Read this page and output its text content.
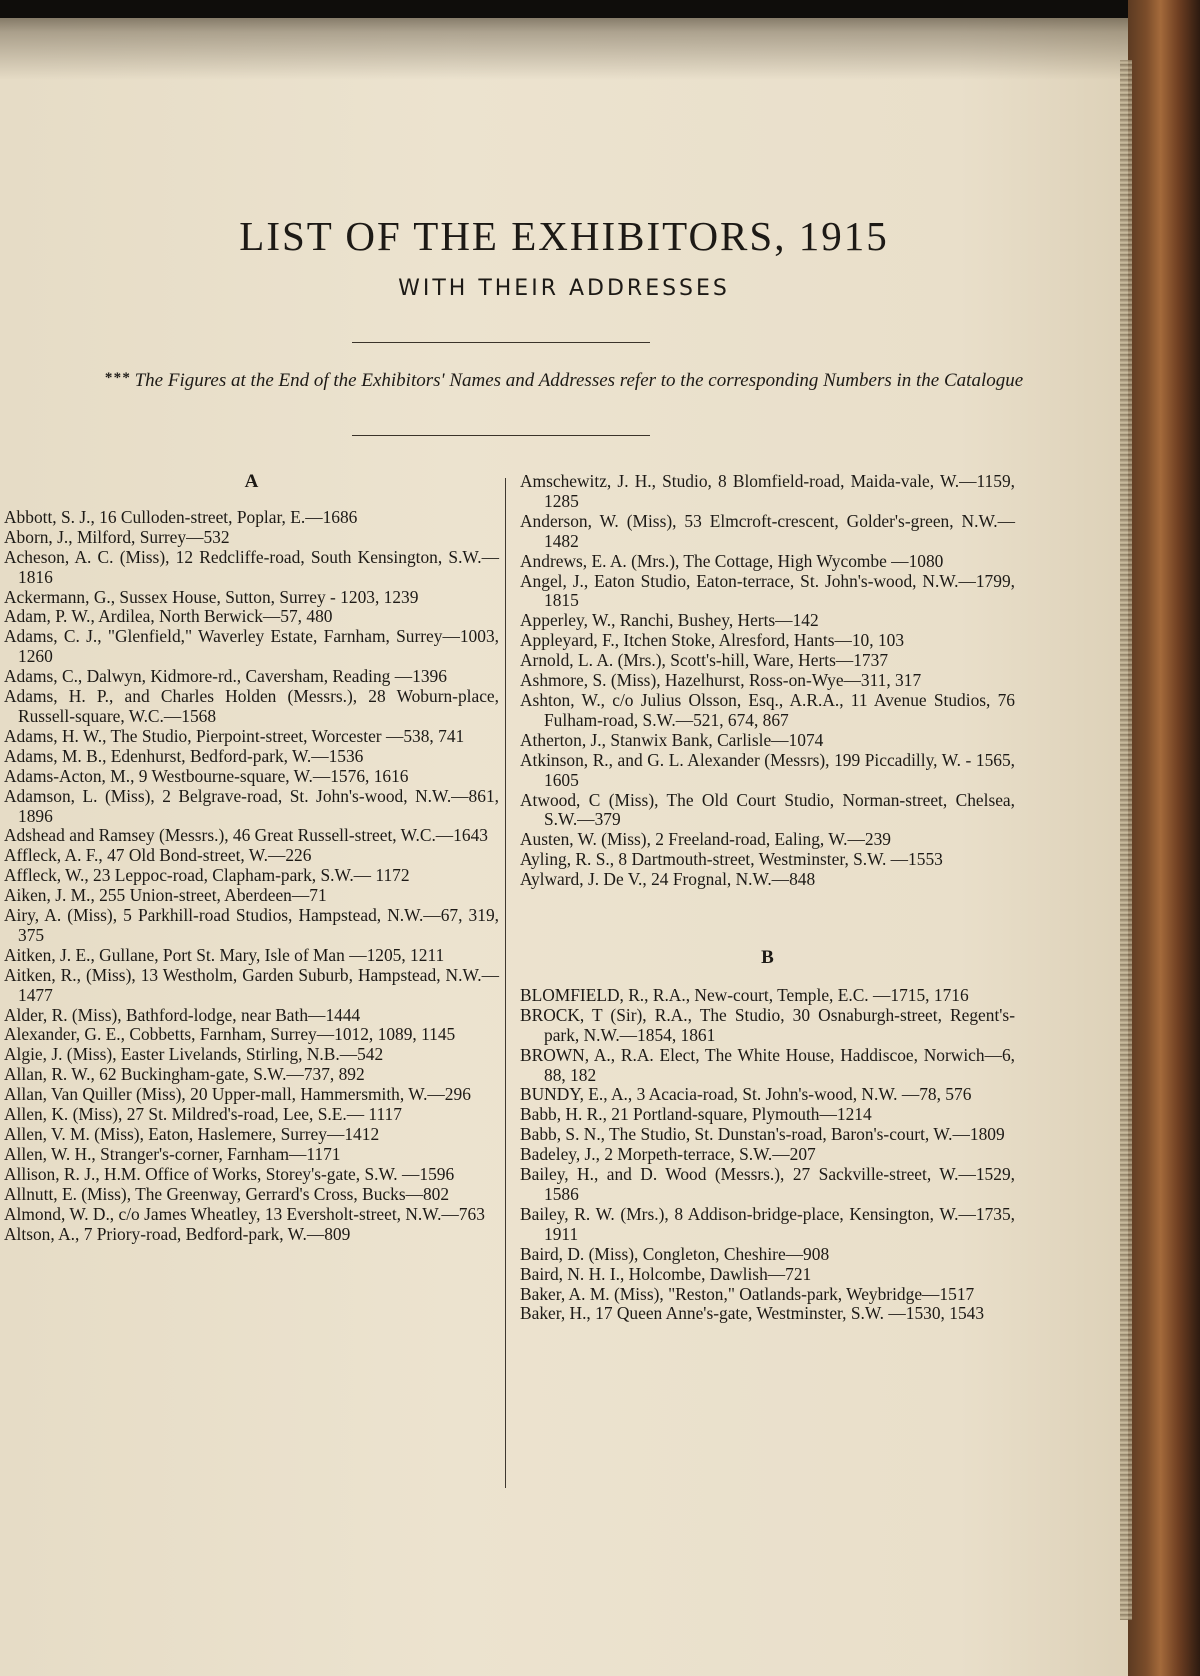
LIST OF THE EXHIBITORS, 1915
WITH THEIR ADDRESSES
* * * The Figures at the End of the Exhibitors' Names and Addresses refer to the corresponding Numbers in the Catalogue
A

Abbott, S. J., 16 Culloden-street, Poplar, E.—1686

Aborn, J., Milford, Surrey—532

Acheson, A. C. (Miss), 12 Redcliffe-road, South Kensington, S.W.—1816

Ackermann, G., Sussex House, Sutton, Surrey - 1203, 1239

Adam, P. W., Ardilea, North Berwick—57, 480

Adams, C. J., "Glenfield," Waverley Estate, Farnham, Surrey—1003, 1260

Adams, C., Dalwyn, Kidmore-rd., Caversham, Reading —1396

Adams, H. P., and Charles Holden (Messrs.), 28 Woburn-place, Russell-square, W.C.—1568

Adams, H. W., The Studio, Pierpoint-street, Worcester —538, 741

Adams, M. B., Edenhurst, Bedford-park, W.—1536

Adams-Acton, M., 9 Westbourne-square, W.—1576, 1616

Adamson, L. (Miss), 2 Belgrave-road, St. John's-wood, N.W.—861, 1896

Adshead and Ramsey (Messrs.), 46 Great Russell-street, W.C.—1643

Affleck, A. F., 47 Old Bond-street, W.—226

Affleck, W., 23 Leppoc-road, Clapham-park, S.W.— 1172

Aiken, J. M., 255 Union-street, Aberdeen—71

Airy, A. (Miss), 5 Parkhill-road Studios, Hampstead, N.W.—67, 319, 375

Aitken, J. E., Gullane, Port St. Mary, Isle of Man —1205, 1211

Aitken, R., (Miss), 13 Westholm, Garden Suburb, Hampstead, N.W.—1477

Alder, R. (Miss), Bathford-lodge, near Bath—1444

Alexander, G. E., Cobbetts, Farnham, Surrey—1012, 1089, 1145

Algie, J. (Miss), Easter Livelands, Stirling, N.B.—542

Allan, R. W., 62 Buckingham-gate, S.W.—737, 892

Allan, Van Quiller (Miss), 20 Upper-mall, Hammersmith, W.—296

Allen, K. (Miss), 27 St. Mildred's-road, Lee, S.E.— 1117

Allen, V. M. (Miss), Eaton, Haslemere, Surrey—1412

Allen, W. H., Stranger's-corner, Farnham—1171

Allison, R. J., H.M. Office of Works, Storey's-gate, S.W. —1596

Allnutt, E. (Miss), The Greenway, Gerrard's Cross, Bucks—802

Almond, W. D., c/o James Wheatley, 13 Eversholt-street, N.W.—763

Altson, A., 7 Priory-road, Bedford-park, W.—809

Amschewitz, J. H., Studio, 8 Blomfield-road, Maida-vale, W.—1159, 1285

Anderson, W. (Miss), 53 Elmcroft-crescent, Golder's-green, N.W.—1482

Andrews, E. A. (Mrs.), The Cottage, High Wycombe —1080

Angel, J., Eaton Studio, Eaton-terrace, St. John's-wood, N.W.—1799, 1815

Apperley, W., Ranchi, Bushey, Herts—142

Appleyard, F., Itchen Stoke, Alresford, Hants—10, 103

Arnold, L. A. (Mrs.), Scott's-hill, Ware, Herts—1737

Ashmore, S. (Miss), Hazelhurst, Ross-on-Wye—311, 317

Ashton, W., c/o Julius Olsson, Esq., A.R.A., 11 Avenue Studios, 76 Fulham-road, S.W.—521, 674, 867

Atherton, J., Stanwix Bank, Carlisle—1074

Atkinson, R., and G. L. Alexander (Messrs), 199 Piccadilly, W. - 1565, 1605

Atwood, C (Miss), The Old Court Studio, Norman-street, Chelsea, S.W.—379

Austen, W. (Miss), 2 Freeland-road, Ealing, W.—239

Ayling, R. S., 8 Dartmouth-street, Westminster, S.W. —1553

Aylward, J. De V., 24 Frognal, N.W.—848

B

BLOMFIELD, R., R.A., New-court, Temple, E.C. —1715, 1716

BROCK, T (Sir), R.A., The Studio, 30 Osnaburgh-street, Regent's-park, N.W.—1854, 1861

BROWN, A., R.A. Elect, The White House, Haddiscoe, Norwich—6, 88, 182

BUNDY, E., A., 3 Acacia-road, St. John's-wood, N.W. —78, 576

Babb, H. R., 21 Portland-square, Plymouth—1214

Babb, S. N., The Studio, St. Dunstan's-road, Baron's-court, W.—1809

Badeley, J., 2 Morpeth-terrace, S.W.—207

Bailey, H., and D. Wood (Messrs.), 27 Sackville-street, W.—1529, 1586

Bailey, R. W. (Mrs.), 8 Addison-bridge-place, Kensington, W.—1735, 1911

Baird, D. (Miss), Congleton, Cheshire—908

Baird, N. H. I., Holcombe, Dawlish—721

Baker, A. M. (Miss), "Reston," Oatlands-park, Weybridge—1517

Baker, H., 17 Queen Anne's-gate, Westminster, S.W. —1530, 1543
